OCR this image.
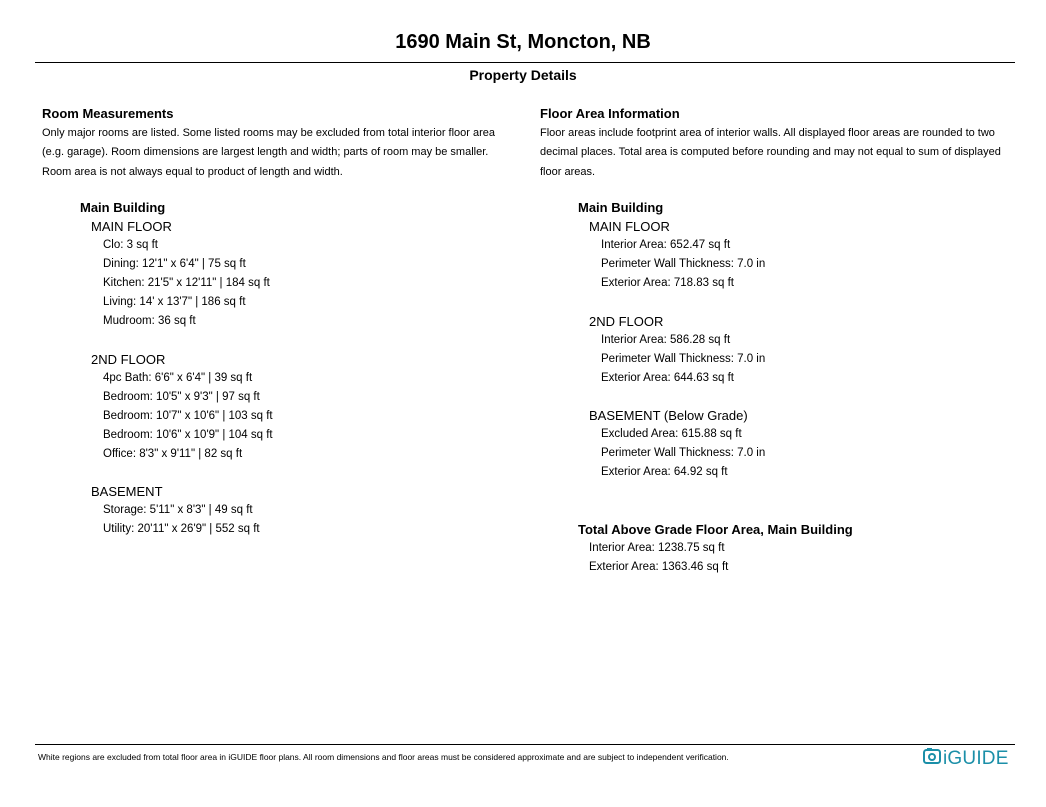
1690 Main St, Moncton, NB
Property Details
Room Measurements
Only major rooms are listed. Some listed rooms may be excluded from total interior floor area
(e.g. garage). Room dimensions are largest length and width; parts of room may be smaller.
Room area is not always equal to product of length and width.
Main Building
MAIN FLOOR
Clo: 3 sq ft
Dining: 12'1" x 6'4" | 75 sq ft
Kitchen: 21'5" x 12'11" | 184 sq ft
Living: 14' x 13'7" | 186 sq ft
Mudroom: 36 sq ft
2ND FLOOR
4pc Bath: 6'6" x 6'4" | 39 sq ft
Bedroom: 10'5" x 9'3" | 97 sq ft
Bedroom: 10'7" x 10'6" | 103 sq ft
Bedroom: 10'6" x 10'9" | 104 sq ft
Office: 8'3" x 9'11" | 82 sq ft
BASEMENT
Storage: 5'11" x 8'3" | 49 sq ft
Utility: 20'11" x 26'9" | 552 sq ft
Floor Area Information
Floor areas include footprint area of interior walls. All displayed floor areas are rounded to two
decimal places. Total area is computed before rounding and may not equal to sum of displayed
floor areas.
Main Building
MAIN FLOOR
Interior Area: 652.47 sq ft
Perimeter Wall Thickness: 7.0 in
Exterior Area: 718.83 sq ft
2ND FLOOR
Interior Area: 586.28 sq ft
Perimeter Wall Thickness: 7.0 in
Exterior Area: 644.63 sq ft
BASEMENT (Below Grade)
Excluded Area: 615.88 sq ft
Perimeter Wall Thickness: 7.0 in
Exterior Area: 64.92 sq ft
Total Above Grade Floor Area, Main Building
Interior Area: 1238.75 sq ft
Exterior Area: 1363.46 sq ft
White regions are excluded from total floor area in iGUIDE floor plans. All room dimensions and floor areas must be considered approximate and are subject to independent verification.	iGUIDE
